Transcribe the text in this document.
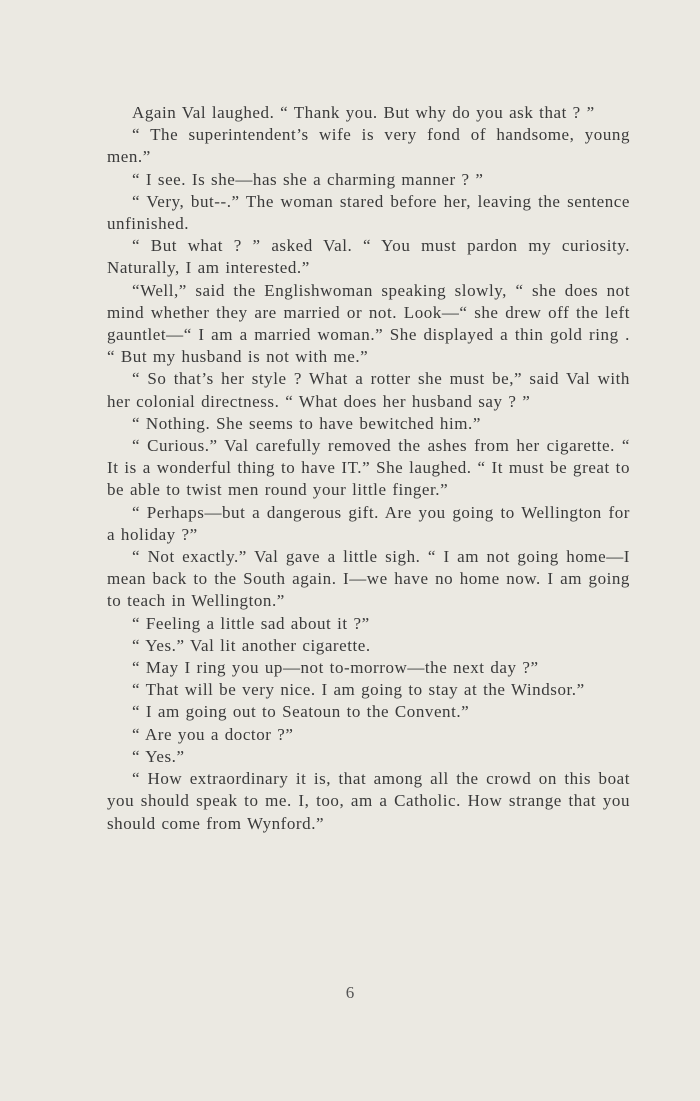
Again Val laughed. “ Thank you. But why do you ask that ? ”

“ The superintendent’s wife is very fond of handsome, young men.”

“ I see. Is she—has she a charming manner ? ”

“ Very, but--.” The woman stared before her, leaving the sentence unfinished.

“ But what ? ” asked Val. “ You must pardon my curiosity. Naturally, I am interested.”

“Well,” said the Englishwoman speaking slowly, “ she does not mind whether they are married or not. Look—“ she drew off the left gauntlet—“ I am a married woman.” She displayed a thin gold ring . “ But my husband is not with me.”

“ So that’s her style ? What a rotter she must be,” said Val with her colonial directness. “ What does her husband say ? ”

“ Nothing. She seems to have bewitched him.”

“ Curious.” Val carefully removed the ashes from her cigarette. “ It is a wonderful thing to have IT.” She laughed. “ It must be great to be able to twist men round your little finger.”

“ Perhaps—but a dangerous gift. Are you going to Wellington for a holiday ?”

“ Not exactly.” Val gave a little sigh. “ I am not going home—I mean back to the South again. I—we have no home now. I am going to teach in Wellington.”

“ Feeling a little sad about it ?”

“ Yes.” Val lit another cigarette.

“ May I ring you up—not to-morrow—the next day ?”

“ That will be very nice. I am going to stay at the Windsor.”

“ I am going out to Seatoun to the Convent.”

“ Are you a doctor ?”

“ Yes.”

“ How extraordinary it is, that among all the crowd on this boat you should speak to me. I, too, am a Catholic. How strange that you should come from Wynford.”

6
